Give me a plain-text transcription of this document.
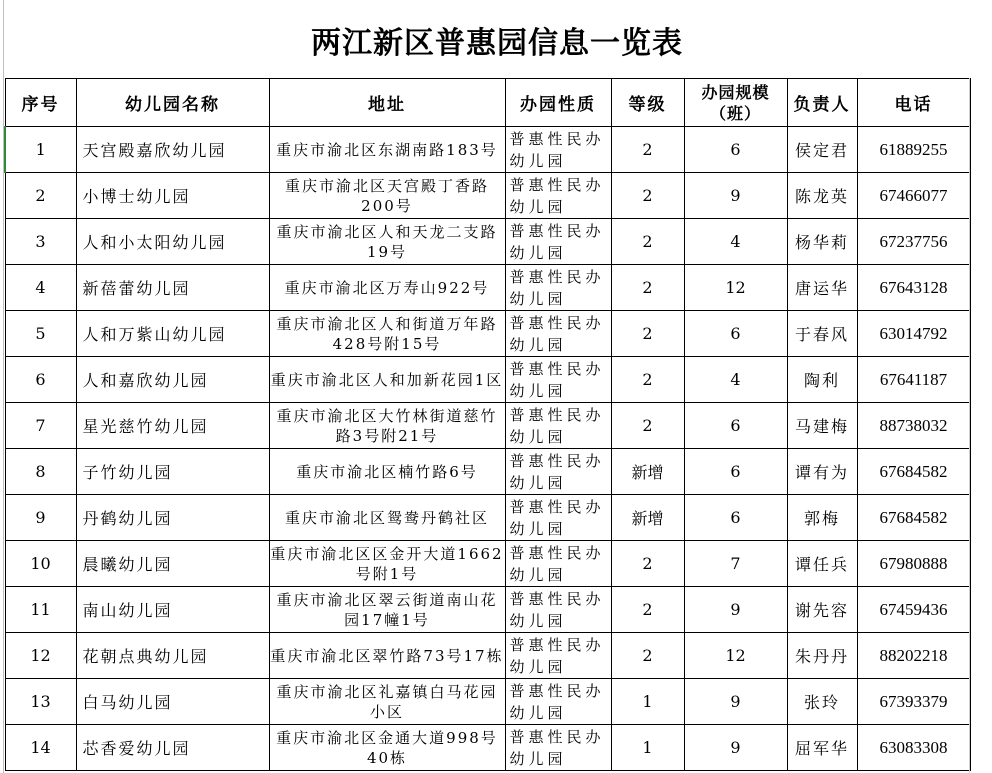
两江新区普惠园信息一览表
序号	幼儿园名称	地址	办园性质	等级	办园规模（班）	负责人	电话
1	天宫殿嘉欣幼儿园	重庆市渝北区东湖南路183号	普惠性民办幼儿园	2	6	侯定君	61889255
2	小博士幼儿园	重庆市渝北区天宫殿丁香路200号	普惠性民办幼儿园	2	9	陈龙英	67466077
3	人和小太阳幼儿园	重庆市渝北区人和天龙二支路19号	普惠性民办幼儿园	2	4	杨华莉	67237756
4	新蓓蕾幼儿园	重庆市渝北区万寿山922号	普惠性民办幼儿园	2	12	唐运华	67643128
5	人和万紫山幼儿园	重庆市渝北区人和街道万年路428号附15号	普惠性民办幼儿园	2	6	于春风	63014792
6	人和嘉欣幼儿园	重庆市渝北区人和加新花园1区	普惠性民办幼儿园	2	4	陶利	67641187
7	星光慈竹幼儿园	重庆市渝北区大竹林街道慈竹路3号附21号	普惠性民办幼儿园	2	6	马建梅	88738032
8	子竹幼儿园	重庆市渝北区楠竹路6号	普惠性民办幼儿园	新增	6	谭有为	67684582
9	丹鹤幼儿园	重庆市渝北区鸳鸯丹鹤社区	普惠性民办幼儿园	新增	6	郭梅	67684582
10	晨曦幼儿园	重庆市渝北区区金开大道1662号附1号	普惠性民办幼儿园	2	7	谭任兵	67980888
11	南山幼儿园	重庆市渝北区翠云街道南山花园17幢1号	普惠性民办幼儿园	2	9	谢先容	67459436
12	花朝点典幼儿园	重庆市渝北区翠竹路73号17栋	普惠性民办幼儿园	2	12	朱丹丹	88202218
13	白马幼儿园	重庆市渝北区礼嘉镇白马花园小区	普惠性民办幼儿园	1	9	张玲	67393379
14	芯香爱幼儿园	重庆市渝北区金通大道998号40栋	普惠性民办幼儿园	1	9	屈军华	63083308
